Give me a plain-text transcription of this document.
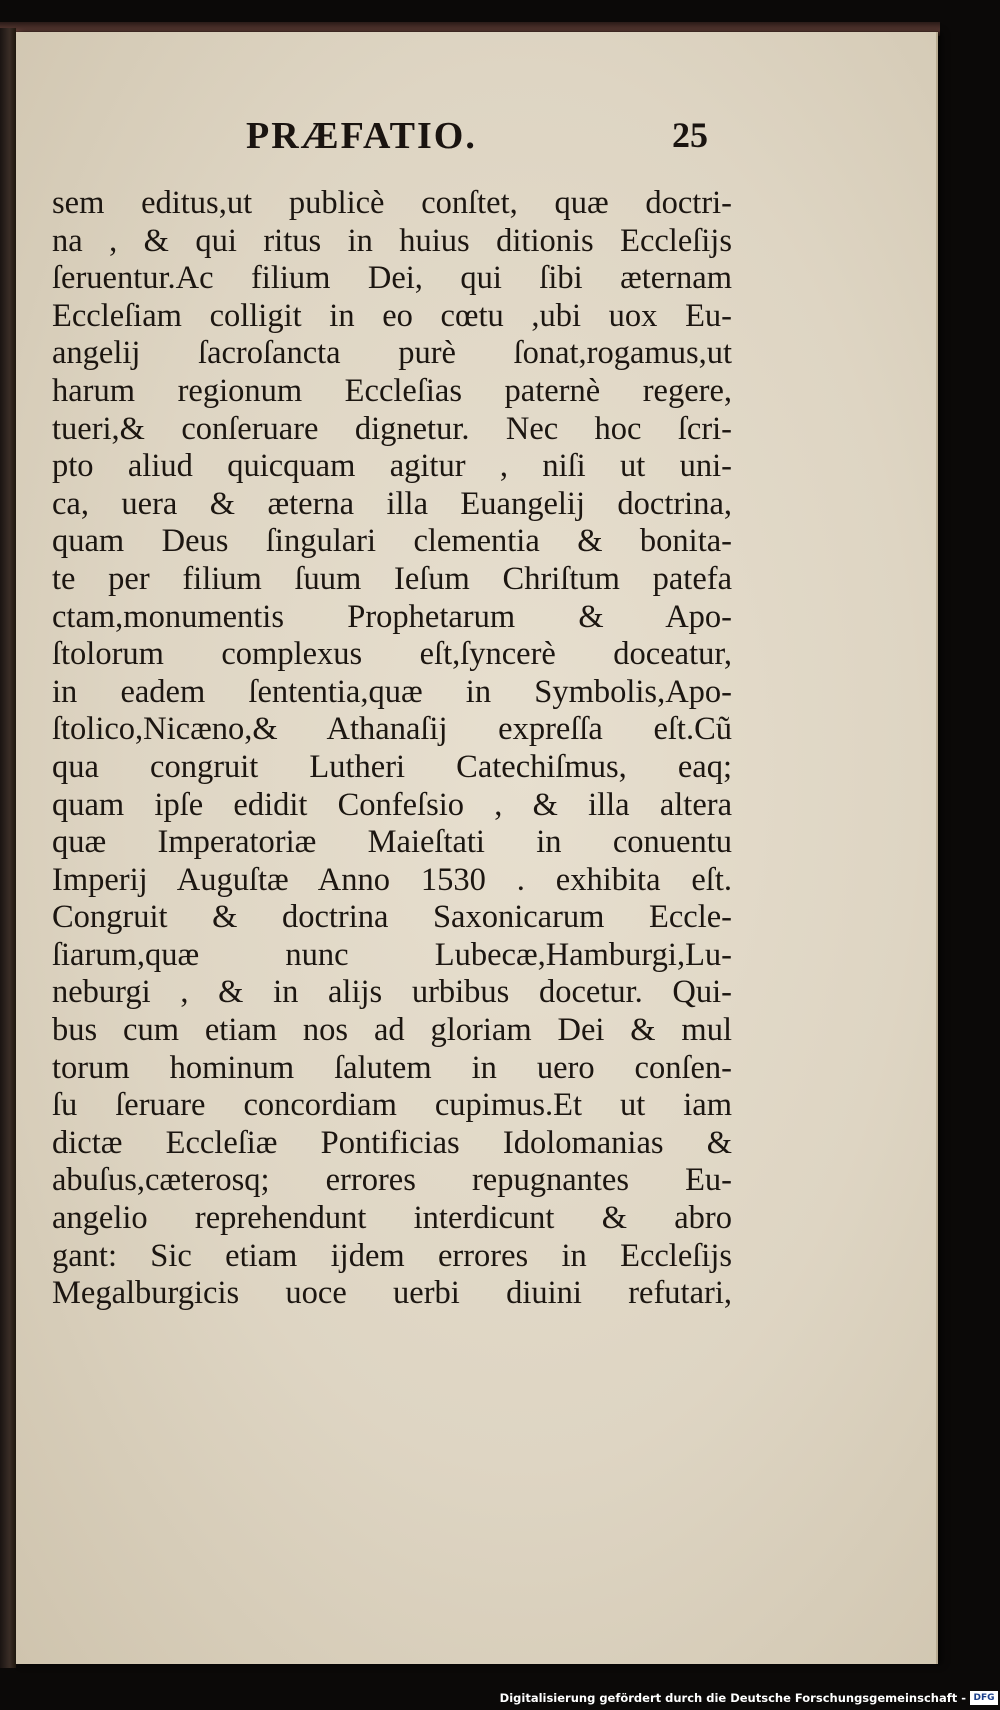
PRÆFATIO.	25
sem editus,ut publicè conſtet, quæ doctri-
na , & qui ritus in huius ditionis Eccleſijs
ſeruentur.Ac filium Dei, qui ſibi æternam
Eccleſiam colligit in eo cœtu ,ubi uox Eu-
angelij ſacroſancta purè ſonat,rogamus,ut
harum regionum Eccleſias paternè regere,
tueri,& conſeruare dignetur. Nec hoc ſcri-
pto aliud quicquam agitur , niſi ut uni-
ca, uera & æterna illa Euangelij doctrina,
quam Deus ſingulari clementia & bonita-
te per filium ſuum Ieſum Chriſtum patefa
ctam,monumentis Prophetarum & Apo-
ſtolorum complexus eſt,ſyncerè doceatur,
in eadem ſententia,quæ in Symbolis,Apo-
ſtolico,Nicæno,& Athanaſij expreſſa eſt.Cũ
qua congruit Lutheri Catechiſmus, eaq;
quam ipſe edidit Confeſsio , & illa altera
quæ Imperatoriæ Maieſtati in conuentu
Imperij Auguſtæ Anno 1530 . exhibita eſt.
Congruit & doctrina Saxonicarum Eccle-
ſiarum,quæ nunc Lubecæ,Hamburgi,Lu-
neburgi , & in alijs urbibus docetur. Qui-
bus cum etiam nos ad gloriam Dei & mul
torum hominum ſalutem in uero conſen-
ſu ſeruare concordiam cupimus.Et ut iam
dictæ Eccleſiæ Pontificias Idolomanias &
abuſus,cæterosq; errores repugnantes Eu-
angelio reprehendunt interdicunt & abro
gant: Sic etiam ijdem errores in Eccleſijs
Megalburgicis uoce uerbi diuini refutari,
Digitalisierung gefördert durch die Deutsche Forschungsgemeinschaft - DFG
